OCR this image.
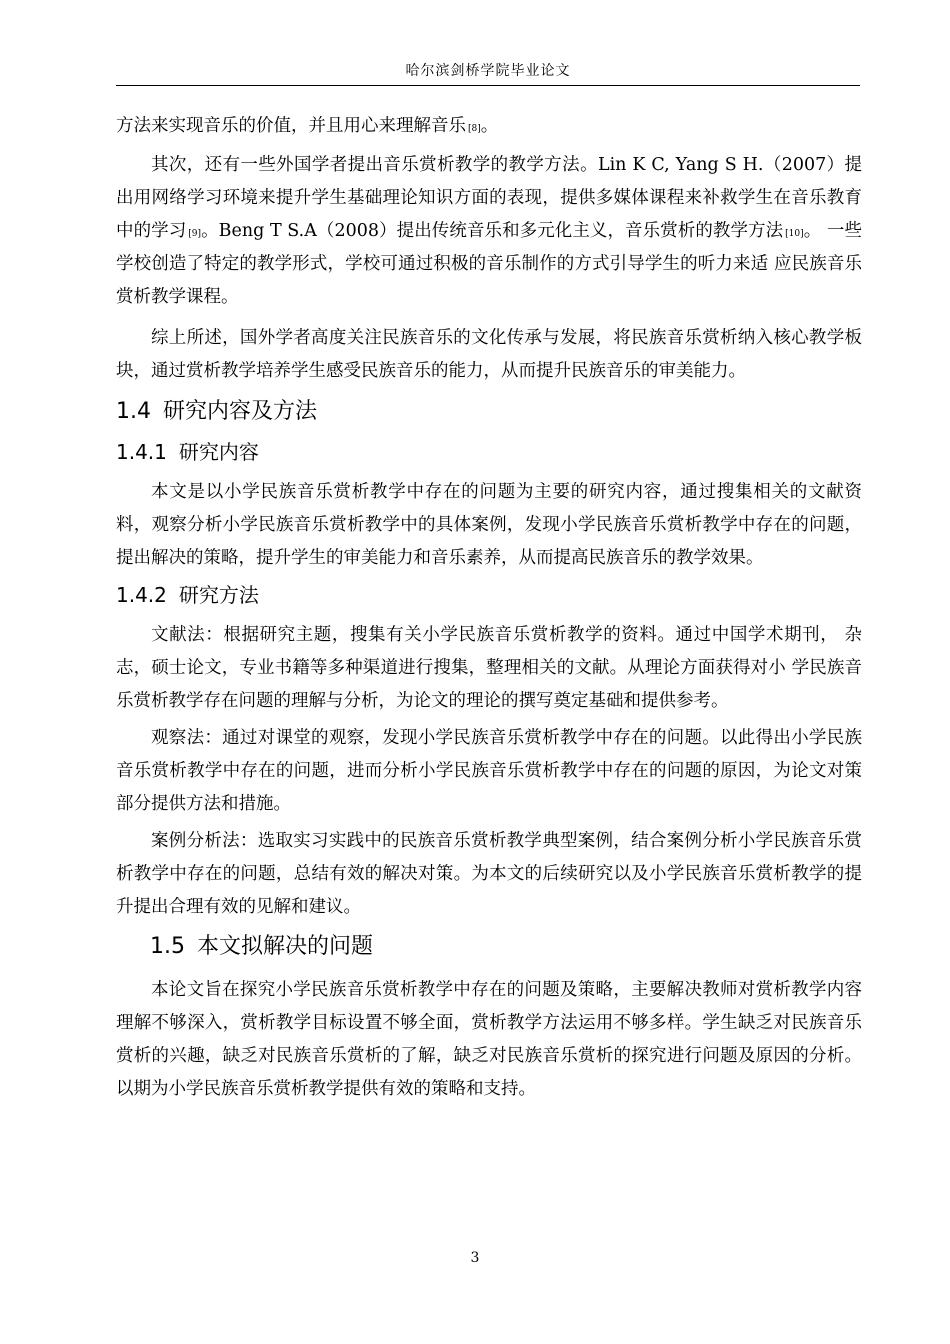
哈尔滨剑桥学院毕业论文

方法来实现音乐的价值，并且用心来理解音乐 [8]。

其次，还有一些外国学者提出音乐赏析教学的教学方法。Lin K C, Yang S H.（2007）提出用网络学习环境来提升学生基础理论知识方面的表现，提供多媒体课程来补救学生在音乐教育中的学习 [9]。Beng T S.A（2008）提出传统音乐和多元化主义，音乐赏析的教学方法 [10]。 一些学校创造了特定的教学形式，学校可通过积极的音乐制作的方式引导学生的听力来适 应民族音乐赏析教学课程。

综上所述，国外学者高度关注民族音乐的文化传承与发展，将民族音乐赏析纳入核心教学板块，通过赏析教学培养学生感受民族音乐的能力，从而提升民族音乐的审美能力。

1.4 研究内容及方法
1.4.1 研究内容

本文是以小学民族音乐赏析教学中存在的问题为主要的研究内容，通过搜集相关的文献资料，观察分析小学民族音乐赏析教学中的具体案例，发现小学民族音乐赏析教学中存在的问题，提出解决的策略，提升学生的审美能力和音乐素养，从而提高民族音乐的教学效果。

1.4.2 研究方法

文献法：根据研究主题，搜集有关小学民族音乐赏析教学的资料。通过中国学术期刊， 杂志，硕士论文，专业书籍等多种渠道进行搜集，整理相关的文献。从理论方面获得对小 学民族音乐赏析教学存在问题的理解与分析，为论文的理论的撰写奠定基础和提供参考。

观察法：通过对课堂的观察，发现小学民族音乐赏析教学中存在的问题。以此得出小学民族音乐赏析教学中存在的问题，进而分析小学民族音乐赏析教学中存在的问题的原因，为论文对策部分提供方法和措施。

案例分析法：选取实习实践中的民族音乐赏析教学典型案例，结合案例分析小学民族音乐赏析教学中存在的问题，总结有效的解决对策。为本文的后续研究以及小学民族音乐赏析教学的提升提出合理有效的见解和建议。

1.5 本文拟解决的问题

本论文旨在探究小学民族音乐赏析教学中存在的问题及策略，主要解决教师对赏析教学内容理解不够深入，赏析教学目标设置不够全面，赏析教学方法运用不够多样。学生缺乏对民族音乐赏析的兴趣，缺乏对民族音乐赏析的了解，缺乏对民族音乐赏析的探究进行问题及原因的分析。以期为小学民族音乐赏析教学提供有效的策略和支持。

3
